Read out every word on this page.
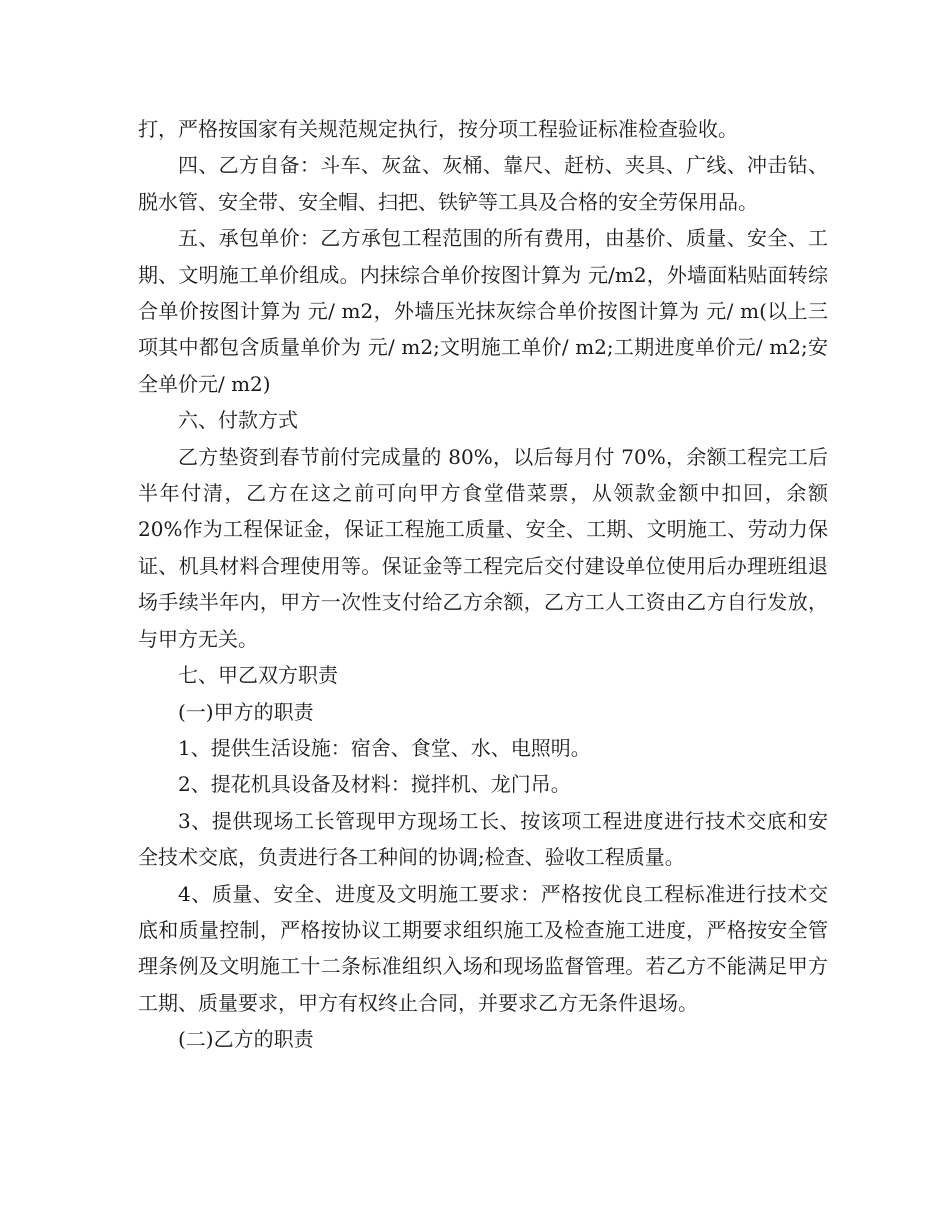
打，严格按国家有关规范规定执行，按分项工程验证标准检查验收。

四、乙方自备：斗车、灰盆、灰桶、靠尺、赶枋、夹具、广线、冲击钻、脱水管、安全带、安全帽、扫把、铁铲等工具及合格的安全劳保用品。

五、承包单价：乙方承包工程范围的所有费用，由基价、质量、安全、工期、文明施工单价组成。内抹综合单价按图计算为 元/m2，外墙面粘贴面转综合单价按图计算为 元/ m2，外墙压光抹灰综合单价按图计算为 元/ m(以上三项其中都包含质量单价为 元/ m2;文明施工单价/ m2;工期进度单价元/ m2;安全单价元/ m2)

六、付款方式

乙方垫资到春节前付完成量的 80%，以后每月付 70%，余额工程完工后半年付清，乙方在这之前可向甲方食堂借菜票，从领款金额中扣回，余额 20%作为工程保证金，保证工程施工质量、安全、工期、文明施工、劳动力保证、机具材料合理使用等。保证金等工程完后交付建设单位使用后办理班组退场手续半年内，甲方一次性支付给乙方余额，乙方工人工资由乙方自行发放，与甲方无关。

七、甲乙双方职责

(一)甲方的职责

1、提供生活设施：宿舍、食堂、水、电照明。

2、提花机具设备及材料：搅拌机、龙门吊。

3、提供现场工长管现甲方现场工长、按该项工程进度进行技术交底和安全技术交底，负责进行各工种间的协调;检查、验收工程质量。

4、质量、安全、进度及文明施工要求：严格按优良工程标准进行技术交底和质量控制，严格按协议工期要求组织施工及检查施工进度，严格按安全管理条例及文明施工十二条标准组织入场和现场监督管理。若乙方不能满足甲方工期、质量要求，甲方有权终止合同，并要求乙方无条件退场。

(二)乙方的职责
